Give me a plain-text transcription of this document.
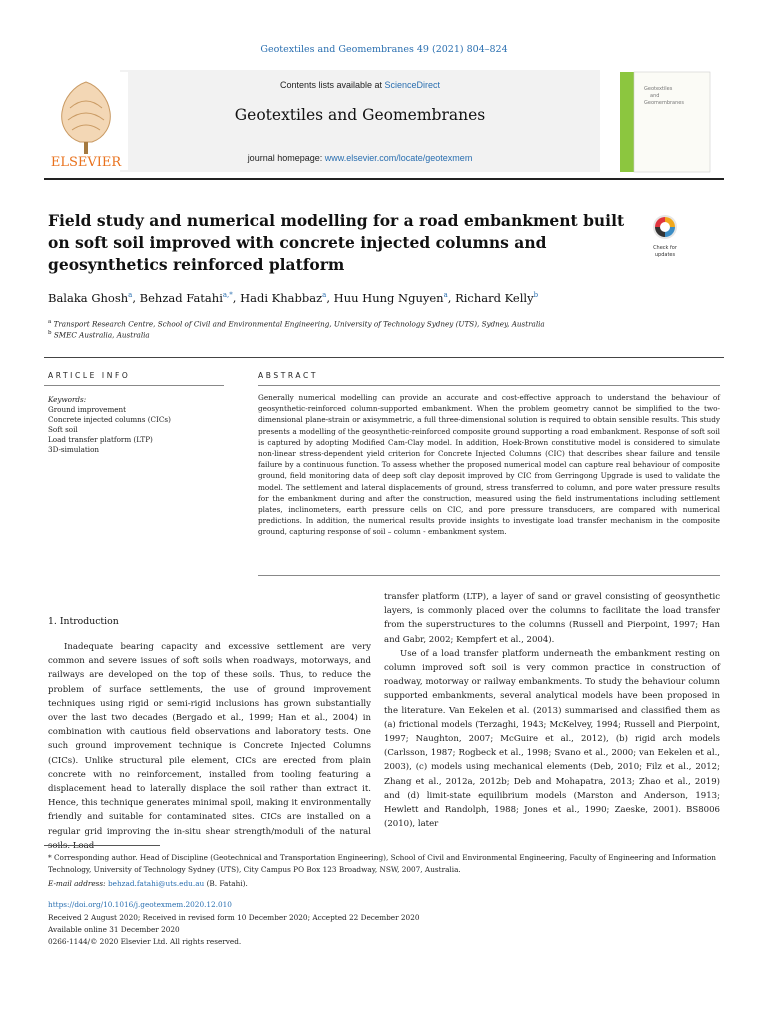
Geotextiles and Geomembranes 49 (2021) 804–824
ELSEVIER
Contents lists available at ScienceDirect
Geotextiles and Geomembranes
journal homepage: www.elsevier.com/locate/geotexmem
Geotextiles
and
Geomembranes
Field study and numerical modelling for a road embankment built on soft soil improved with concrete injected columns and geosynthetics reinforced platform
Check for
updates
Balaka Ghosh$^a$, Behzad Fatahi$^{a,*}$, Hadi Khabbaz$^a$, Huu Hung Nguyen$^a$, Richard Kelly$^b$
$^a$ Transport Research Centre, School of Civil and Environmental Engineering, University of Technology Sydney (UTS), Sydney, Australia
$^b$ SMEC Australia, Australia
ARTICLE INFO	ABSTRACT
Keywords:
Ground improvement
Concrete injected columns (CICs)
Soft soil
Load transfer platform (LTP)
3D-simulation
Generally numerical modelling can provide an accurate and cost-effective approach to understand the behaviour of geosynthetic-reinforced column-supported embankment. When the problem geometry cannot be simplified to the two-dimensional plane-strain or axisymmetric, a full three-dimensional solution is required to obtain sensible results. This study presents a modelling of the geosynthetic-reinforced composite ground supporting a road embankment. Response of soft soil is captured by adopting Modified Cam-Clay model. In addition, Hoek-Brown constitutive model is considered to simulate non-linear stress-dependent yield criterion for Concrete Injected Columns (CIC) that describes shear failure and tensile failure by a continuous function. To assess whether the proposed numerical model can capture real behaviour of composite ground, field monitoring data of deep soft clay deposit improved by CIC from Gerringong Upgrade is used to validate the model. The settlement and lateral displacements of ground, stress transferred to column, and pore water pressure results for the embankment during and after the construction, measured using the field instrumentations including settlement plates, inclinometers, earth pressure cells on CIC, and pore pressure transducers, are compared with numerical predictions. In addition, the numerical results provide insights to investigate load transfer mechanism in the composite ground, capturing response of soil – column - embankment system.
1. Introduction

Inadequate bearing capacity and excessive settlement are very common and severe issues of soft soils when roadways, motorways, and railways are developed on the top of these soils. Thus, to reduce the problem of surface settlements, the use of ground improvement techniques using rigid or semi-rigid inclusions has grown substantially over the last two decades (Bergado et al., 1999; Han et al., 2004) in combination with cautious field observations and laboratory tests. One such ground improvement technique is Concrete Injected Columns (CICs). Unlike structural pile element, CICs are erected from plain concrete with no reinforcement, installed from tooling featuring a displacement head to laterally displace the soil rather than extract it. Hence, this technique generates minimal spoil, making it environmentally friendly and suitable for contaminated sites. CICs are installed on a regular grid improving the in-situ shear strength/moduli of the natural

transfer platform (LTP), a layer of sand or gravel consisting of geosynthetic layers, is commonly placed over the columns to facilitate the load transfer from the superstructures to the columns (Russell and Pierpoint, 1997; Han and Gabr, 2002; Kempfert et al., 2004).

Use of a load transfer platform underneath the embankment resting on column improved soft soil is very common practice in construction of roadway, motorway or railway embankments. To study the behaviour column supported embankments, several analytical models have been proposed in the literature. Van Eekelen et al. (2013) summarised and classified them as (a) frictional models (Terzaghi, 1943; McKelvey, 1994; Russell and Pierpoint, 1997; Naughton, 2007; McGuire et al., 2012), (b) rigid arch models (Carlsson, 1987; Rogbeck et al., 1998; Svano et al., 2000; van Eekelen et al., 2003), (c) models using mechanical elements (Deb, 2010; Filz et al., 2012; Zhang et al., 2012a, 2012b; Deb and Mohapatra, 2013; Zhao et al., 2019) and (d) limit-state equilibrium models (Marston and Anderson, 1913; Hewlett and Randolph, 1988; Jones et al., 1990; Zaeske, 2001). BS8006 (2010), later

* Corresponding author. Head of Discipline (Geotechnical and Transportation Engineering), School of Civil and Environmental Engineering, Faculty of Engineering and Information Technology, University of Technology Sydney (UTS), City Campus PO Box 123 Broadway, NSW, 2007, Australia.
E-mail address: behzad.fatahi@uts.edu.au (B. Fatahi).
https://doi.org/10.1016/j.geotexmem.2020.12.010
Received 2 August 2020; Received in revised form 10 December 2020; Accepted 22 December 2020
Available online 31 December 2020
0266-1144/© 2020 Elsevier Ltd. All rights reserved.
